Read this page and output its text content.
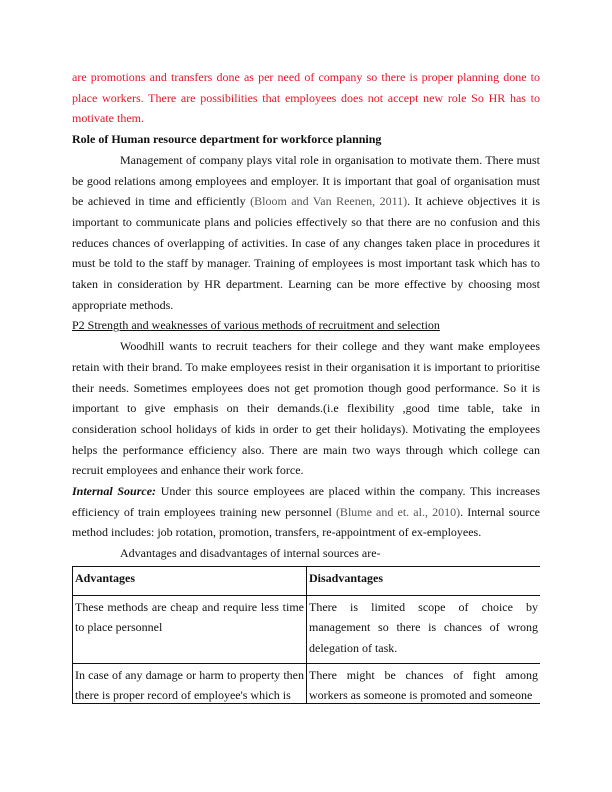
are promotions and transfers done as per need of company so there is proper planning done to place workers. There are possibilities that employees does not accept new role So HR has to motivate them.

Role of Human resource department for workforce planning

Management of company plays vital role in organisation to motivate them. There must be good relations among employees and employer. It is important that goal of organisation must be achieved in time and efficiently (Bloom and Van Reenen, 2011). It achieve objectives it is important to communicate plans and policies effectively so that there are no confusion and this reduces chances of overlapping of activities. In case of any changes taken place in procedures it must be told to the staff by manager. Training of employees is most important task which has to taken in consideration by HR department. Learning can be more effective by choosing most appropriate methods.

P2 Strength and weaknesses of various methods of recruitment and selection

Woodhill wants to recruit teachers for their college and they want make employees retain with their brand. To make employees resist in their organisation it is important to prioritise their needs. Sometimes employees does not get promotion though good performance. So it is important to give emphasis on their demands.(i.e flexibility ,good time table, take in consideration school holidays of kids in order to get their holidays). Motivating the employees helps the performance efficiency also. There are main two ways through which college can recruit employees and enhance their work force.

Internal Source: Under this source employees are placed within the company. This increases efficiency of train employees training new personnel (Blume and et. al., 2010). Internal source method includes: job rotation, promotion, transfers, re-appointment of ex-employees.

Advantages and disadvantages of internal sources are-

Advantages	Disadvantages
These methods are cheap and require less time to place personnel	There is limited scope of choice by management so there is chances of wrong delegation of task.
In case of any damage or harm to property then there is proper record of employee's which is	There might be chances of fight among workers as someone is promoted and someone
